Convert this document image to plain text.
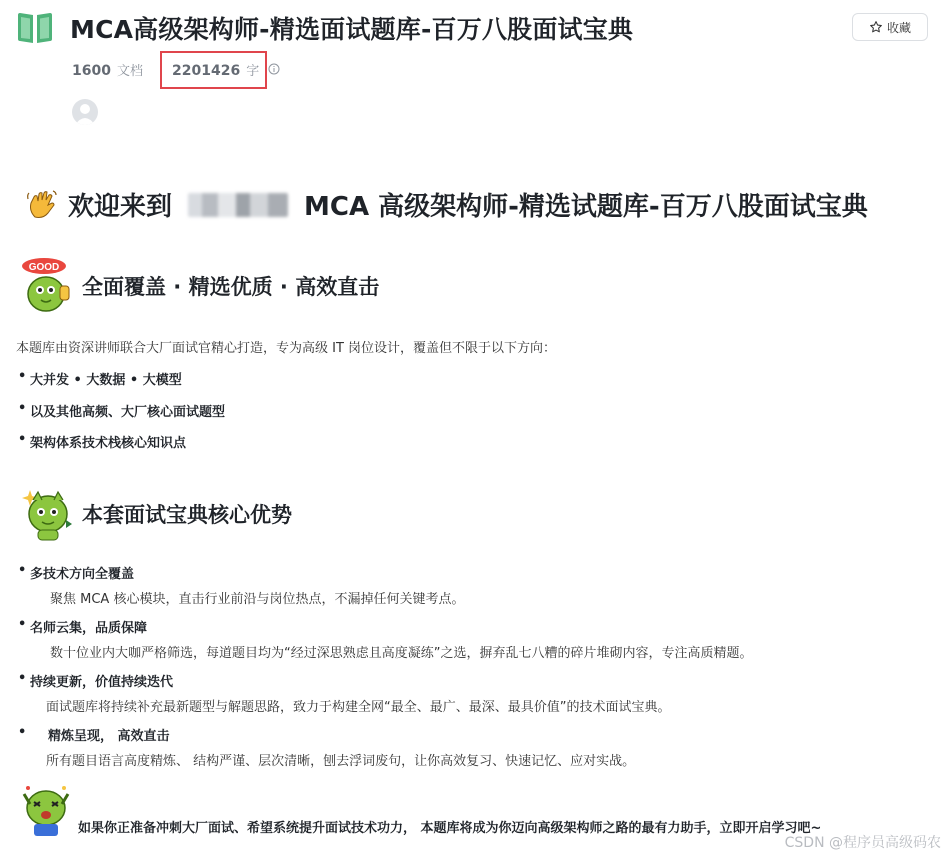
MCA高级架构师-精选面试题库-百万八股面试宝典	收藏
1600 文档 2201426 字
欢迎来到	MCA 高级架构师-精选试题库-百万八股面试宝典
GOOD
全面覆盖 · 精选优质 · 高效直击
本题库由资深讲师联合大厂面试官精心打造，专为高级 IT 岗位设计，覆盖但不限于以下方向：
• 大并发 • 大数据 • 大模型
• 以及其他高频、大厂核心面试题型
• 架构体系技术栈核心知识点
本套面试宝典核心优势
• 多技术方向全覆盖
聚焦 MCA 核心模块，直击行业前沿与岗位热点，不漏掉任何关键考点。
• 名师云集，品质保障
数十位业内大咖严格筛选，每道题目均为“经过深思熟虑且高度凝练”之选，摒弃乱七八糟的碎片堆砌内容，专注高质精题。
• 持续更新，价值持续迭代
面试题库将持续补充最新题型与解题思路，致力于构建全网“最全、最广、最深、最具价值”的技术面试宝典。
• 精炼呈现， 高效直击
所有题目语言高度精炼、 结构严谨、层次清晰，刨去浮词废句，让你高效复习、快速记忆、应对实战。
如果你正准备冲刺大厂面试、希望系统提升面试技术功力， 本题库将成为你迈向高级架构师之路的最有力助手，立即开启学习吧~
CSDN @程序员高级码农
